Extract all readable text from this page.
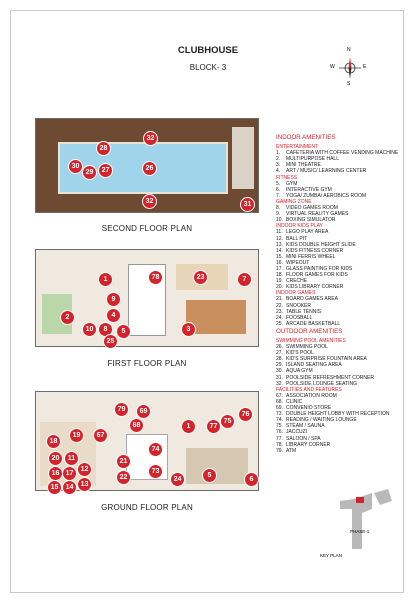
CLUBHOUSE
BLOCK- 3
N
E
S
W
32
28
30
29	27	26
32	31
SECOND FLOOR PLAN
78	23	7
1
2
9
4
10	8
25
5	3
FIRST FLOOR PLAN
79	69
68	1	77
75
76
18
19	67
20	11
16
12
17
13
15	14
21
22	24
73
74
5
6
GROUND FLOOR PLAN
INDOOR AMENITIES
ENTERTAINMENT
1.	CAFETERIA WITH COFFEE VENDING MACHINE
2.	MULTIPURPOSE HALL
3.	MINI THEATRE
4.	ART / MUSIC/ LEARNING CENTER
FITNESS
5.	GYM
6.	INTERACTIVE GYM
7.	YOGA/ ZUMBA/ AEROBICS ROOM
GAMING ZONE
8.	VIDEO GAMES ROOM
9.	VIRTUAL REALITY GAMES
10. BOXING SIMULATOR
INDOOR KIDS PLAY
11. LEGO PLAY AREA
12. BALL PIT
13. KIDS DOUBLE HEIGHT SLIDE
14. KIDS FITNESS CORNER
15. MINI FERRIS WHEEL
16. WIPEOUT
17. GLASS PAINTING FOR KIDS
18. FLOOR GAMES FOR KIDS
19. CRECHE
20. KIDS LIBRARY CORNER
INDOOR GAMES
21. BOARD GAMES AREA
22. SNOOKER
23. TABLE TENNIS
24. FOOSBALL
25. ARCADE BASKETBALL
OUTDOOR AMENITIES
SWIMMING POOL AMENITIES
26. SWIMMING POOL
27. KID'S POOL
28. KID'S SURPRISE FOUNTAIN AREA
29. ISLAND SEATING AREA
30. AQUA GYM
31. POOLSIDE REFRESHMENT CORNER
32. POOLSIDE LOUNGE SEATING
FACILITIES AND FEATURES
67. ASSOCIATION ROOM
68. CLINIC
69. CONVENIO STORE
73. DOUBLE HEIGHT LOBBY WITH RECEPTION
74. READING / WAITING LOUNGE
75. STEAM / SAUNA
76. JACCUZI
77. SALOON / SPA
78. LIBRARY CORNER
79. ATM
PHASE-1
KEY PLAN
